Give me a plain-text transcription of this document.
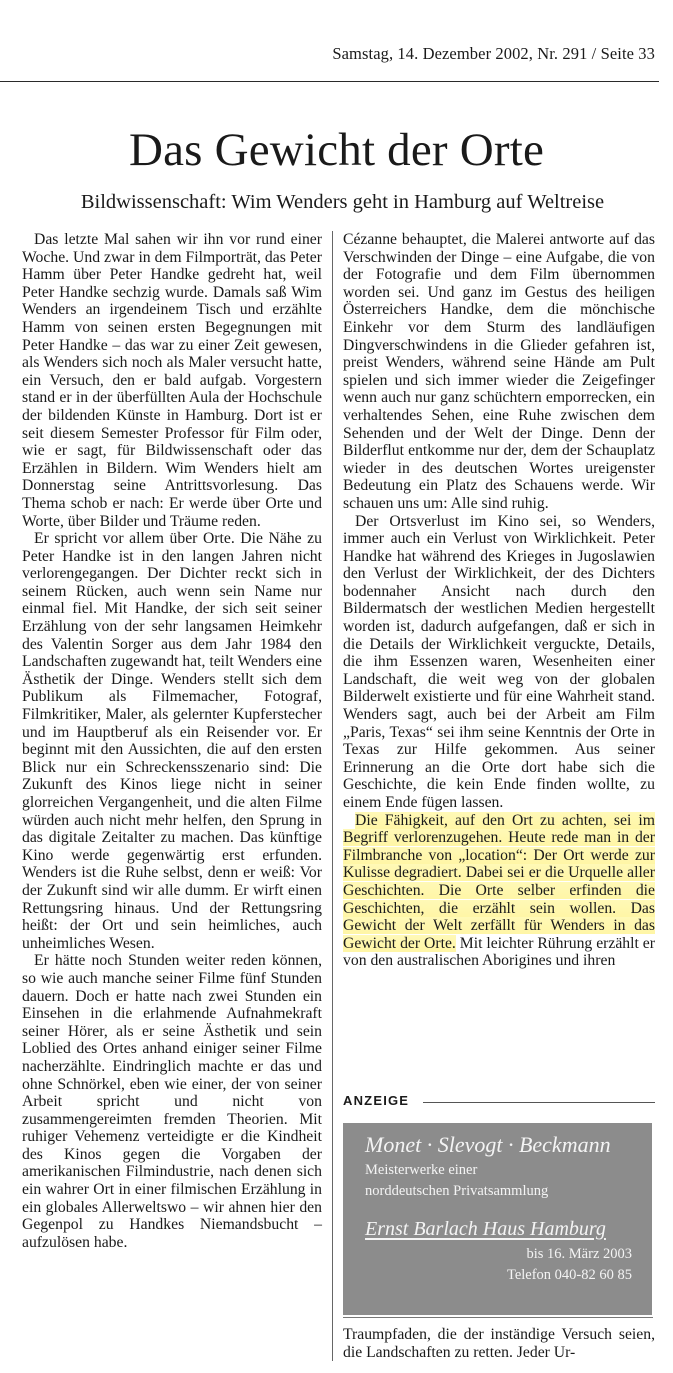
Samstag, 14. Dezember 2002, Nr. 291 / Seite 33
Das Gewicht der Orte
Bildwissenschaft: Wim Wenders geht in Hamburg auf Weltreise

Das letzte Mal sahen wir ihn vor rund einer Woche. Und zwar in dem Filmporträt, das Peter Hamm über Peter Handke gedreht hat, weil Peter Handke sechzig wurde. Damals saß Wim Wenders an irgendeinem Tisch und erzählte Hamm von seinen ersten Begegnungen mit Peter Handke – das war zu einer Zeit gewesen, als Wenders sich noch als Maler versucht hatte, ein Versuch, den er bald aufgab. Vorgestern stand er in der überfüllten Aula der Hochschule der bildenden Künste in Hamburg. Dort ist er seit diesem Semester Professor für Film oder, wie er sagt, für Bildwissenschaft oder das Erzählen in Bildern. Wim Wenders hielt am Donnerstag seine Antrittsvorlesung. Das Thema schob er nach: Er werde über Orte und Worte, über Bilder und Träume reden.

Er spricht vor allem über Orte. Die Nähe zu Peter Handke ist in den langen Jahren nicht verlorengegangen. Der Dichter reckt sich in seinem Rücken, auch wenn sein Name nur einmal fiel. Mit Handke, der sich seit seiner Erzählung von der sehr langsamen Heimkehr des Valentin Sorger aus dem Jahr 1984 den Landschaften zugewandt hat, teilt Wenders eine Ästhetik der Dinge. Wenders stellt sich dem Publikum als Filmemacher, Fotograf, Filmkritiker, Maler, als gelernter Kupferstecher und im Hauptberuf als ein Reisender vor. Er beginnt mit den Aussichten, die auf den ersten Blick nur ein Schreckensszenario sind: Die Zukunft des Kinos liege nicht in seiner glorreichen Vergangenheit, und die alten Filme würden auch nicht mehr helfen, den Sprung in das digitale Zeitalter zu machen. Das künftige Kino werde gegenwärtig erst erfunden. Wenders ist die Ruhe selbst, denn er weiß: Vor der Zukunft sind wir alle dumm. Er wirft einen Rettungsring hinaus. Und der Rettungsring heißt: der Ort und sein heimliches, auch unheimliches Wesen.

Er hätte noch Stunden weiter reden können, so wie auch manche seiner Filme fünf Stunden dauern. Doch er hatte nach zwei Stunden ein Einsehen in die erlahmende Aufnahmekraft seiner Hörer, als er seine Ästhetik und sein Loblied des Ortes anhand einiger seiner Filme nacherzählte. Eindringlich machte er das und ohne Schnörkel, eben wie einer, der von seiner Arbeit spricht und nicht von zusammengereimten fremden Theorien. Mit ruhiger Vehemenz verteidigte er die Kindheit des Kinos gegen die Vorgaben der amerikanischen Filmindustrie, nach denen sich ein wahrer Ort in einer filmischen Erzählung in ein globales Allerweltswo – wir ahnen hier den Gegenpol zu Handkes Niemandsbucht – aufzulösen habe.

Cézanne behauptet, die Malerei antworte auf das Verschwinden der Dinge – eine Aufgabe, die von der Fotografie und dem Film übernommen worden sei. Und ganz im Gestus des heiligen Österreichers Handke, dem die mönchische Einkehr vor dem Sturm des landläufigen Dingverschwindens in die Glieder gefahren ist, preist Wenders, während seine Hände am Pult spielen und sich immer wieder die Zeigefinger wenn auch nur ganz schüchtern emporrecken, ein verhaltendes Sehen, eine Ruhe zwischen dem Sehenden und der Welt der Dinge. Denn der Bilderflut entkomme nur der, dem der Schauplatz wieder in des deutschen Wortes ureigenster Bedeutung ein Platz des Schauens werde. Wir schauen uns um: Alle sind ruhig.

Der Ortsverlust im Kino sei, so Wenders, immer auch ein Verlust von Wirklichkeit. Peter Handke hat während des Krieges in Jugoslawien den Verlust der Wirklichkeit, der des Dichters bodennaher Ansicht nach durch den Bildermatsch der westlichen Medien hergestellt worden ist, dadurch aufgefangen, daß er sich in die Details der Wirklichkeit verguckte, Details, die ihm Essenzen waren, Wesenheiten einer Landschaft, die weit weg von der globalen Bilderwelt existierte und für eine Wahrheit stand. Wenders sagt, auch bei der Arbeit am Film „Paris, Texas“ sei ihm seine Kenntnis der Orte in Texas zur Hilfe gekommen. Aus seiner Erinnerung an die Orte dort habe sich die Geschichte, die kein Ende finden wollte, zu einem Ende fügen lassen.

Die Fähigkeit, auf den Ort zu achten, sei im Begriff verlorenzugehen. Heute rede man in der Filmbranche von „location“: Der Ort werde zur Kulisse degradiert. Dabei sei er die Urquelle aller Geschichten. Die Orte selber erfinden die Geschichten, die erzählt sein wollen. Das Gewicht der Welt zerfällt für Wenders in das Gewicht der Orte. Mit leichter Rührung erzählt er von den australischen Aborigines und ihren

ANZEIGE
Monet · Slevogt · Beckmann
Meisterwerke einer
norddeutschen Privatsammlung
Ernst Barlach Haus Hamburg
bis 16. März 2003
Telefon 040-82 60 85

Traumpfaden, die der inständige Versuch seien, die Landschaften zu retten. Jeder Ur-
